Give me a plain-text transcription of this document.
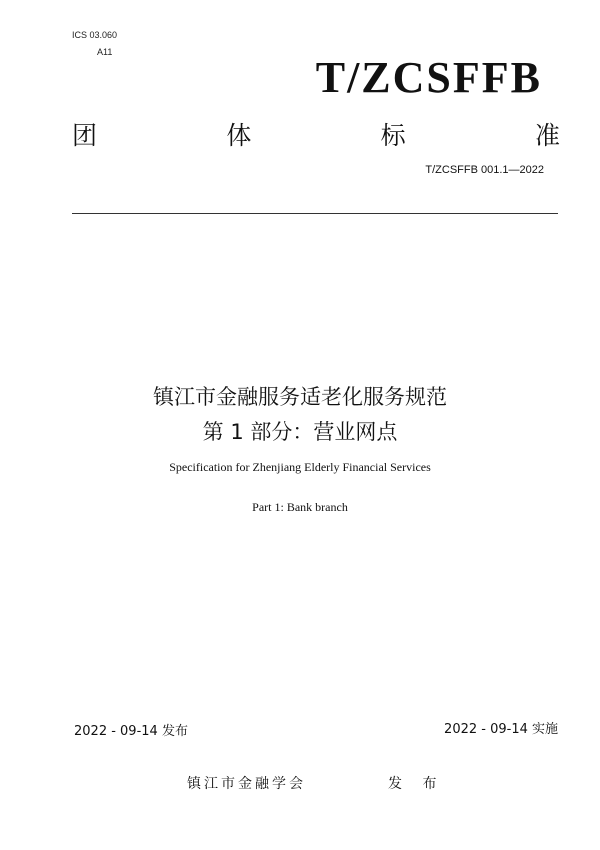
ICS 03.060
A11
T/ZCSFFB
团	体	标	准
T/ZCSFFB 001.1—2022
镇江市金融服务适老化服务规范
第 1 部分：营业网点
Specification for Zhenjiang Elderly Financial Services
Part 1: Bank branch
2022 - 09-14 发布	2022 - 09-14 实施
镇江市金融学会	发 布
